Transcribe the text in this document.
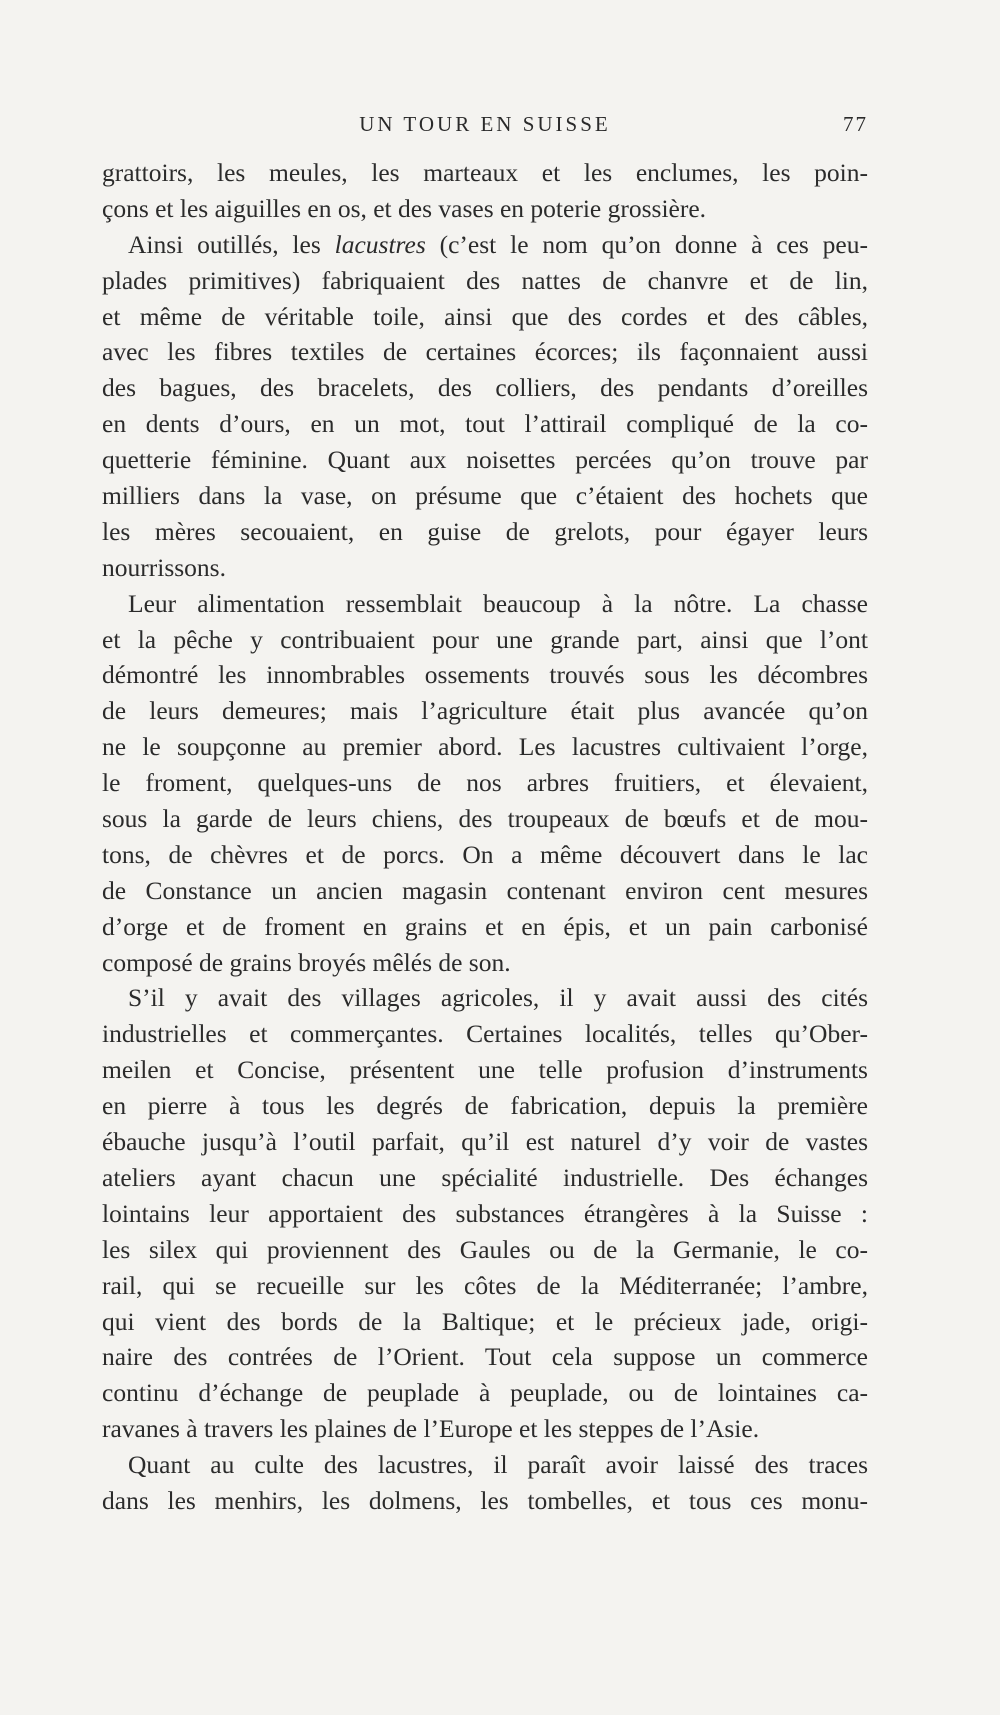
UN TOUR EN SUISSE	77
grattoirs, les meules, les marteaux et les enclumes, les poin-
çons et les aiguilles en os, et des vases en poterie grossière.
Ainsi outillés, les lacustres (c’est le nom qu’on donne à ces peu-
plades primitives) fabriquaient des nattes de chanvre et de lin,
et même de véritable toile, ainsi que des cordes et des câbles,
avec les fibres textiles de certaines écorces; ils façonnaient aussi
des bagues, des bracelets, des colliers, des pendants d’oreilles
en dents d’ours, en un mot, tout l’attirail compliqué de la co-
quetterie féminine. Quant aux noisettes percées qu’on trouve par
milliers dans la vase, on présume que c’étaient des hochets que
les mères secouaient, en guise de grelots, pour égayer leurs
nourrissons.
Leur alimentation ressemblait beaucoup à la nôtre. La chasse
et la pêche y contribuaient pour une grande part, ainsi que l’ont
démontré les innombrables ossements trouvés sous les décombres
de leurs demeures; mais l’agriculture était plus avancée qu’on
ne le soupçonne au premier abord. Les lacustres cultivaient l’orge,
le froment, quelques-uns de nos arbres fruitiers, et élevaient,
sous la garde de leurs chiens, des troupeaux de bœufs et de mou-
tons, de chèvres et de porcs. On a même découvert dans le lac
de Constance un ancien magasin contenant environ cent mesures
d’orge et de froment en grains et en épis, et un pain carbonisé
composé de grains broyés mêlés de son.
S’il y avait des villages agricoles, il y avait aussi des cités
industrielles et commerçantes. Certaines localités, telles qu’Ober-
meilen et Concise, présentent une telle profusion d’instruments
en pierre à tous les degrés de fabrication, depuis la première
ébauche jusqu’à l’outil parfait, qu’il est naturel d’y voir de vastes
ateliers ayant chacun une spécialité industrielle. Des échanges
lointains leur apportaient des substances étrangères à la Suisse :
les silex qui proviennent des Gaules ou de la Germanie, le co-
rail, qui se recueille sur les côtes de la Méditerranée; l’ambre,
qui vient des bords de la Baltique; et le précieux jade, origi-
naire des contrées de l’Orient. Tout cela suppose un commerce
continu d’échange de peuplade à peuplade, ou de lointaines ca-
ravanes à travers les plaines de l’Europe et les steppes de l’Asie.
Quant au culte des lacustres, il paraît avoir laissé des traces
dans les menhirs, les dolmens, les tombelles, et tous ces monu-
